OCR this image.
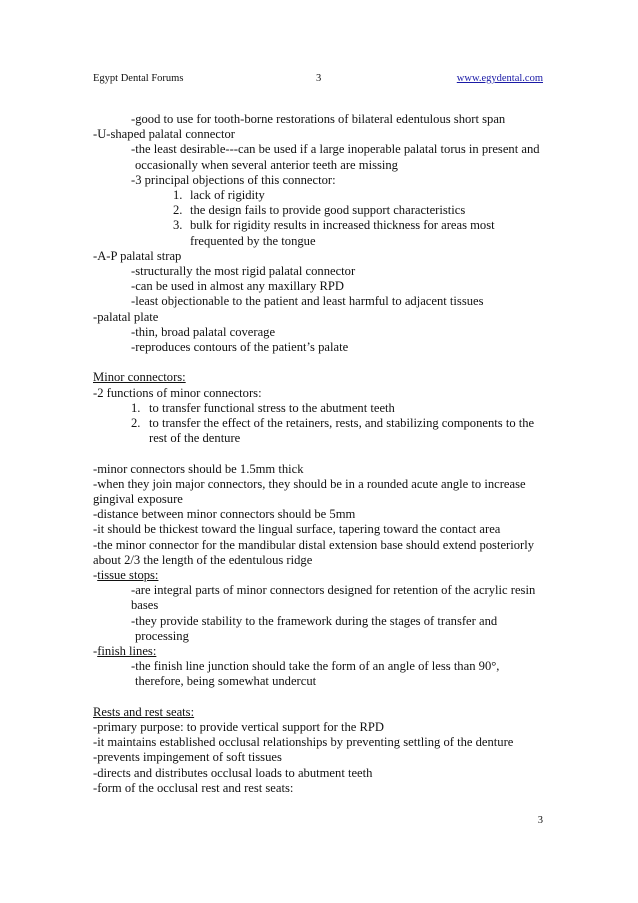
Egypt Dental Forums	3	www.egydental.com
-good to use for tooth-borne restorations of bilateral edentulous short span
-U-shaped palatal connector
-the least desirable---can be used if a large inoperable palatal torus in present and
occasionally when several anterior teeth are missing
-3 principal objections of this connector:
1. lack of rigidity
2. the design fails to provide good support characteristics
3. bulk for rigidity results in increased thickness for areas most
frequented by the tongue
-A-P palatal strap
-structurally the most rigid palatal connector
-can be used in almost any maxillary RPD
-least objectionable to the patient and least harmful to adjacent tissues
-palatal plate
-thin, broad palatal coverage
-reproduces contours of the patient’s palate
Minor connectors:
-2 functions of minor connectors:
1. to transfer functional stress to the abutment teeth
2. to transfer the effect of the retainers, rests, and stabilizing components to the
rest of the denture
-minor connectors should be 1.5mm thick
-when they join major connectors, they should be in a rounded acute angle to increase
gingival exposure
-distance between minor connectors should be 5mm
-it should be thickest toward the lingual surface, tapering toward the contact area
-the minor connector for the mandibular distal extension base should extend posteriorly
about 2/3 the length of the edentulous ridge
-tissue stops:
-are integral parts of minor connectors designed for retention of the acrylic resin
bases
-they provide stability to the framework during the stages of transfer and
processing
-finish lines:
-the finish line junction should take the form of an angle of less than 90°,
therefore, being somewhat undercut
Rests and rest seats:
-primary purpose: to provide vertical support for the RPD
-it maintains established occlusal relationships by preventing settling of the denture
-prevents impingement of soft tissues
-directs and distributes occlusal loads to abutment teeth
-form of the occlusal rest and rest seats:
3
